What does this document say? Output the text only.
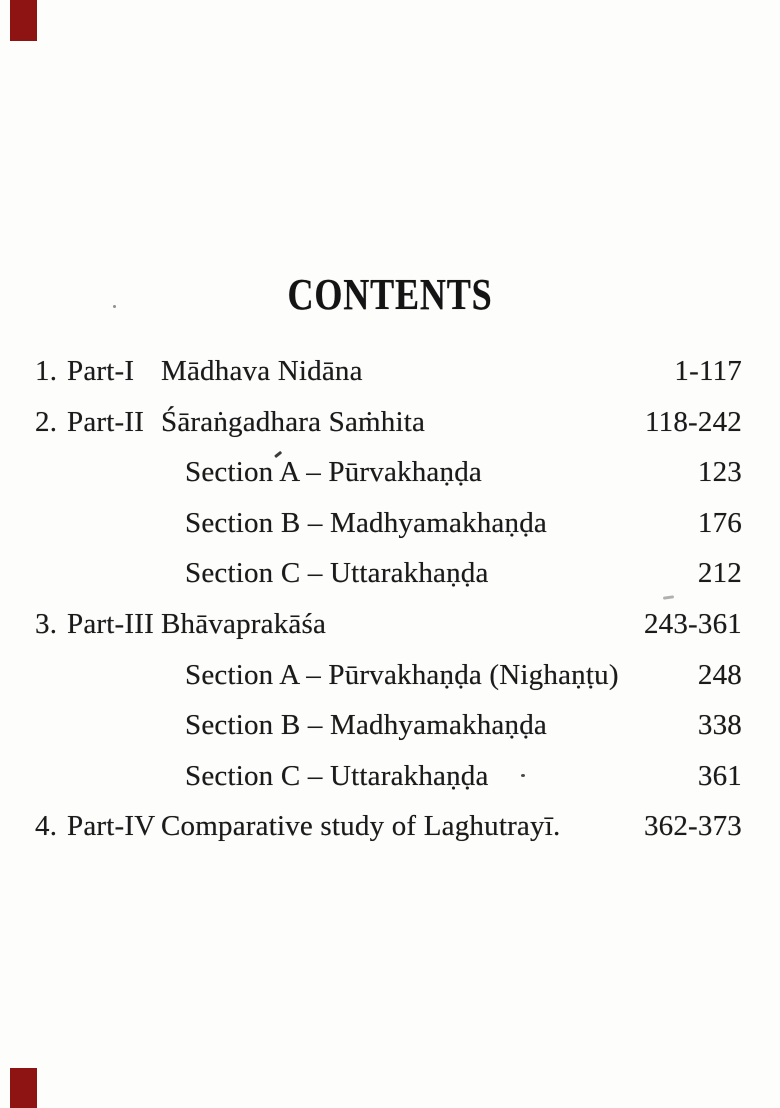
CONTENTS
1. Part-I Mādhava Nidāna	1-117
2. Part-II Śāraṅgadhara Saṁhita	118-242
Section A – Pūrvakhaṇḍa	123
Section B – Madhyamakhaṇḍa	176
Section C – Uttarakhaṇḍa	212
3. Part-III Bhāvaprakāśa	243-361
Section A – Pūrvakhaṇḍa (Nighaṇṭu)	248
Section B – Madhyamakhaṇḍa	338
Section C – Uttarakhaṇḍa	361
4. Part-IV Comparative study of Laghutrayī.	362-373
